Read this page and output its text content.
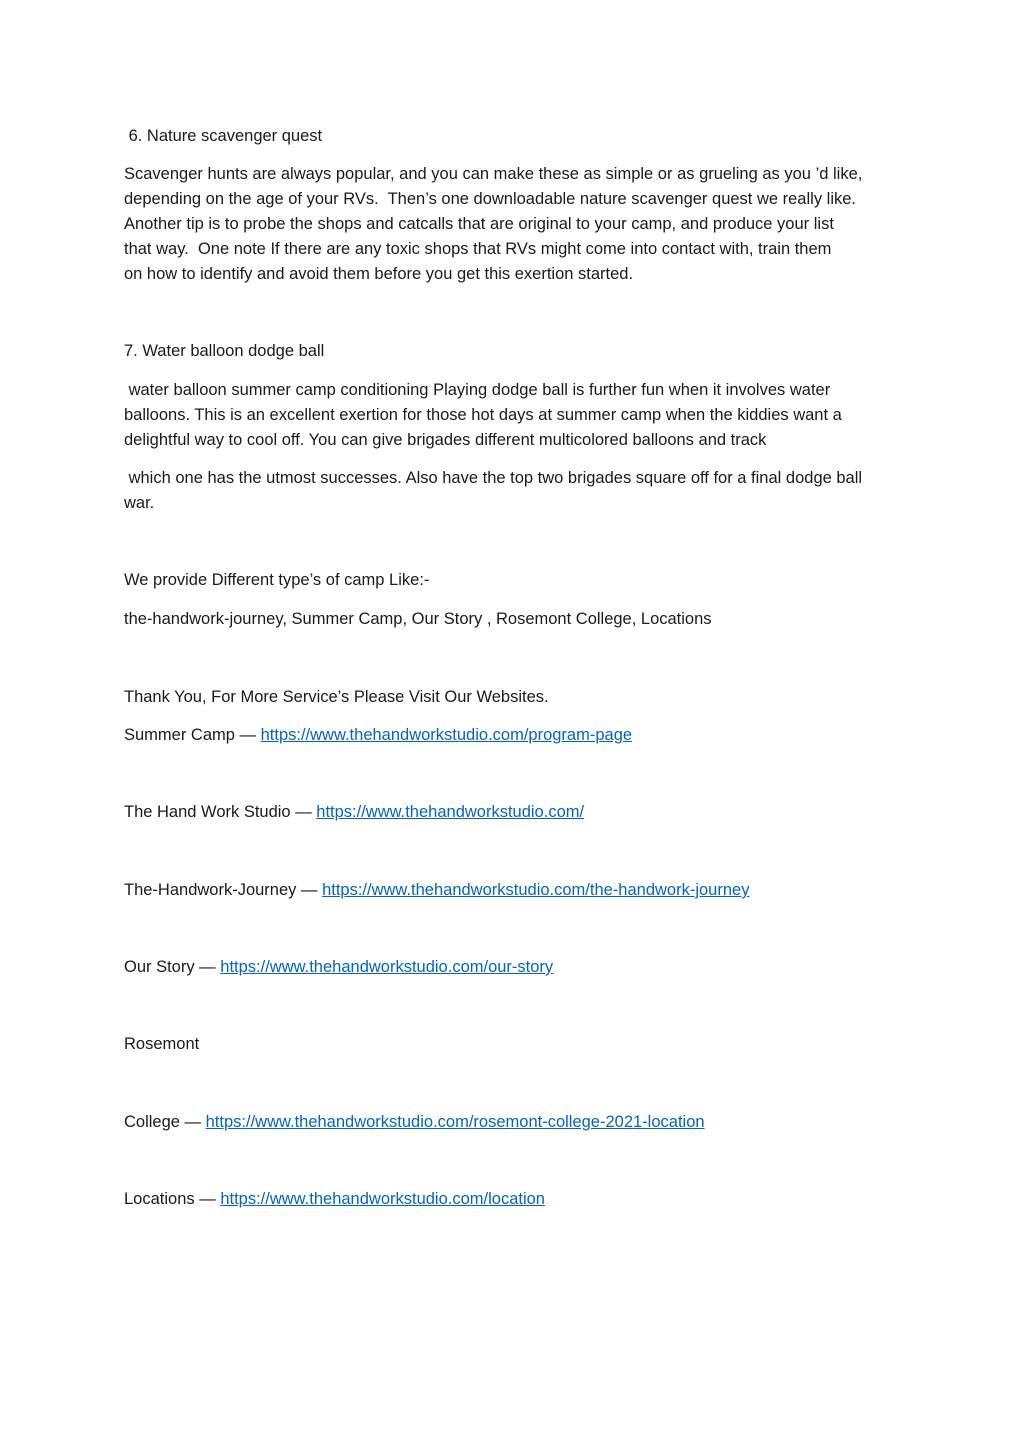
6. Nature scavenger quest

Scavenger hunts are always popular, and you can make these as simple or as grueling as you ’d like,
depending on the age of your RVs.  Then’s one downloadable nature scavenger quest we really like.
Another tip is to probe the shops and catcalls that are original to your camp, and produce your list
that way.  One note If there are any toxic shops that RVs might come into contact with, train them
on how to identify and avoid them before you get this exertion started.

7. Water balloon dodge ball

water balloon summer camp conditioning Playing dodge ball is further fun when it involves water
balloons. This is an excellent exertion for those hot days at summer camp when the kiddies want a
delightful way to cool off. You can give brigades different multicolored balloons and track
which one has the utmost successes. Also have the top two brigades square off for a final dodge ball
war.

We provide Different type’s of camp Like:-

the-handwork-journey, Summer Camp, Our Story , Rosemont College, Locations

Thank You, For More Service’s Please Visit Our Websites.

Summer Camp — https://www.thehandworkstudio.com/program-page

The Hand Work Studio — https://www.thehandworkstudio.com/

The-Handwork-Journey — https://www.thehandworkstudio.com/the-handwork-journey

Our Story — https://www.thehandworkstudio.com/our-story

Rosemont

College — https://www.thehandworkstudio.com/rosemont-college-2021-location

Locations — https://www.thehandworkstudio.com/location
